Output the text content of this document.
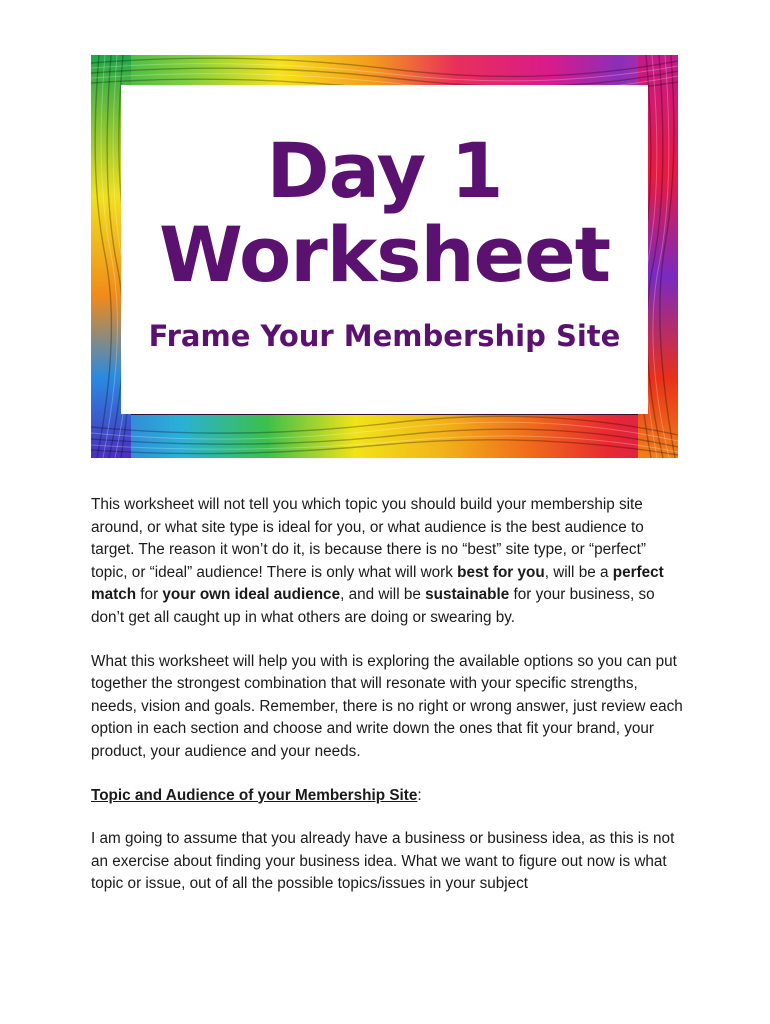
Day 1
Worksheet
Frame Your Membership Site

This worksheet will not tell you which topic you should build your membership site around, or what site type is ideal for you, or what audience is the best audience to target. The reason it won’t do it, is because there is no “best” site type, or “perfect” topic, or “ideal” audience! There is only what will work best for you, will be a perfect match for your own ideal audience, and will be sustainable for your business, so don’t get all caught up in what others are doing or swearing by.

What this worksheet will help you with is exploring the available options so you can put together the strongest combination that will resonate with your specific strengths, needs, vision and goals. Remember, there is no right or wrong answer, just review each option in each section and choose and write down the ones that fit your brand, your product, your audience and your needs.

Topic and Audience of your Membership Site:

I am going to assume that you already have a business or business idea, as this is not an exercise about finding your business idea. What we want to figure out now is what topic or issue, out of all the possible topics/issues in your subject
